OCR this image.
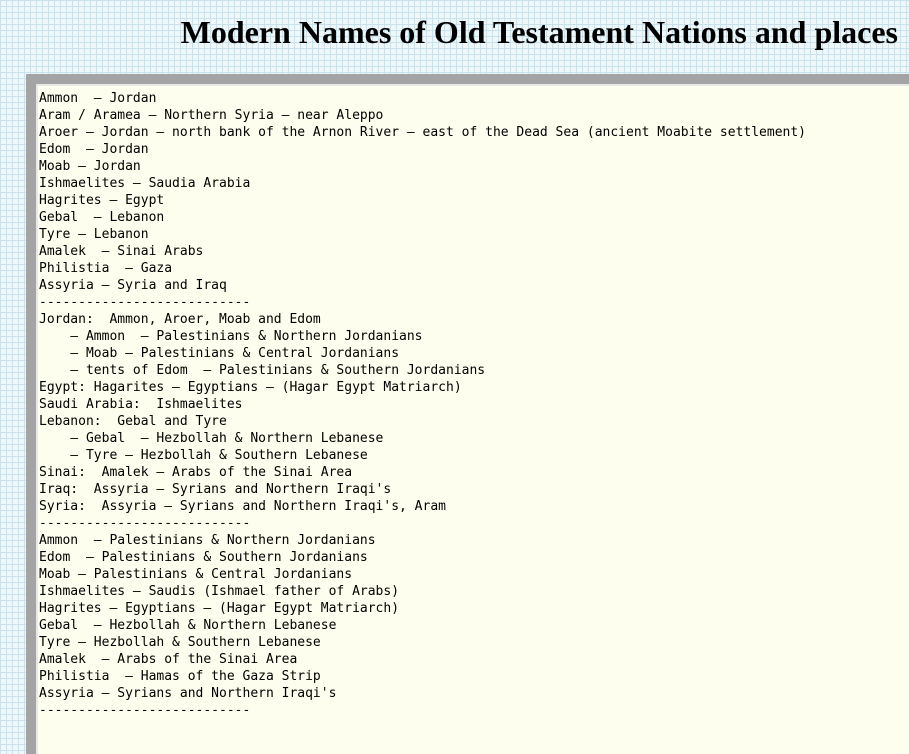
Modern Names of Old Testament Nations and places
Ammon  – Jordan
Aram / Aramea – Northern Syria – near Aleppo
Aroer – Jordan – north bank of the Arnon River – east of the Dead Sea (ancient Moabite settlement)
Edom  – Jordan
Moab – Jordan
Ishmaelites – Saudia Arabia
Hagrites – Egypt
Gebal  – Lebanon
Tyre – Lebanon
Amalek  – Sinai Arabs
Philistia  – Gaza
Assyria – Syria and Iraq
---------------------------
Jordan:  Ammon, Aroer, Moab and Edom
– Ammon  – Palestinians & Northern Jordanians
– Moab – Palestinians & Central Jordanians
– tents of Edom  – Palestinians & Southern Jordanians
Egypt: Hagarites – Egyptians – (Hagar Egypt Matriarch)
Saudi Arabia:  Ishmaelites
Lebanon:  Gebal and Tyre
– Gebal  – Hezbollah & Northern Lebanese
– Tyre – Hezbollah & Southern Lebanese
Sinai:  Amalek – Arabs of the Sinai Area
Iraq:  Assyria – Syrians and Northern Iraqi's
Syria:  Assyria – Syrians and Northern Iraqi's, Aram
---------------------------
Ammon  – Palestinians & Northern Jordanians
Edom  – Palestinians & Southern Jordanians
Moab – Palestinians & Central Jordanians
Ishmaelites – Saudis (Ishmael father of Arabs)
Hagrites – Egyptians – (Hagar Egypt Matriarch)
Gebal  – Hezbollah & Northern Lebanese
Tyre – Hezbollah & Southern Lebanese
Amalek  – Arabs of the Sinai Area
Philistia  – Hamas of the Gaza Strip
Assyria – Syrians and Northern Iraqi's
---------------------------
